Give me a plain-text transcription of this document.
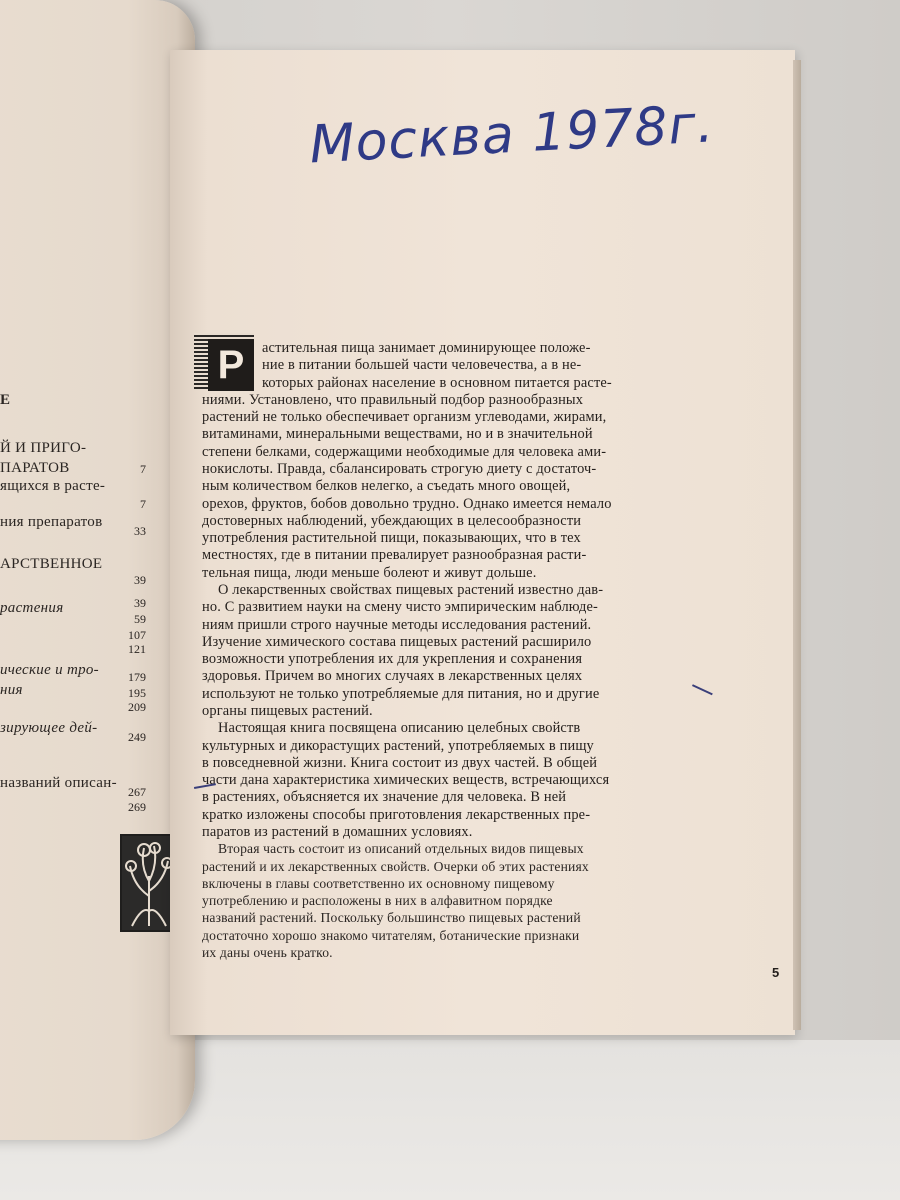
Е
Й И ПРИГО-
ПАРАТОВ
ящихся в расте-
ния препаратов
АРСТВЕННОЕ
растения
ические и тро-
ния
зирующее дей-
названий описан-
7
7
33
39
39
59
107
121
179
195
209
249
267
269
Москва 1978г.
Р	астительная пища занимает доминирующее положе-
ние в питании большей части человечества, а в не-
которых районах население в основном питается расте-
ниями. Установлено, что правильный подбор разнообразных
растений не только обеспечивает организм углеводами, жирами,
витаминами, минеральными веществами, но и в значительной
степени белками, содержащими необходимые для человека ами-
нокислоты. Правда, сбалансировать строгую диету с достаточ-
ным количеством белков нелегко, а съедать много овощей,
орехов, фруктов, бобов довольно трудно. Однако имеется немало
достоверных наблюдений, убеждающих в целесообразности
употребления растительной пищи, показывающих, что в тех
местностях, где в питании превалирует разнообразная расти-
тельная пища, люди меньше болеют и живут дольше.
О лекарственных свойствах пищевых растений известно дав-
но. С развитием науки на смену чисто эмпирическим наблюде-
ниям пришли строго научные методы исследования растений.
Изучение химического состава пищевых растений расширило
возможности употребления их для укрепления и сохранения
здоровья. Причем во многих случаях в лекарственных целях
используют не только употребляемые для питания, но и другие
органы пищевых растений.
Настоящая книга посвящена описанию целебных свойств
культурных и дикорастущих растений, употребляемых в пищу
в повседневной жизни. Книга состоит из двух частей. В общей
части дана характеристика химических веществ, встречающихся
в растениях, объясняется их значение для человека. В ней
кратко изложены способы приготовления лекарственных пре-
паратов из растений в домашних условиях.
Вторая часть состоит из описаний отдельных видов пищевых
растений и их лекарственных свойств. Очерки об этих растениях
включены в главы соответственно их основному пищевому
употреблению и расположены в них в алфавитном порядке
названий растений. Поскольку большинство пищевых растений
достаточно хорошо знакомо читателям, ботанические признаки
их даны очень кратко.
5
